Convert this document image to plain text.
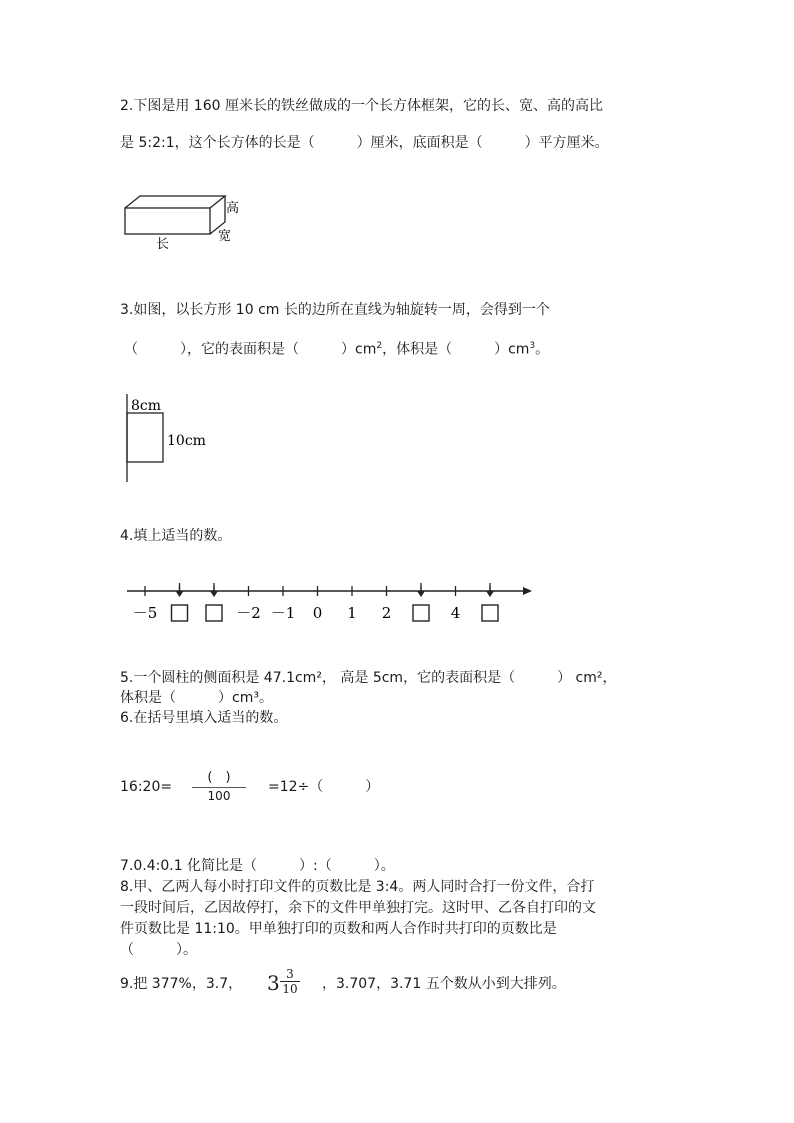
2.下图是用 160 厘米长的铁丝做成的一个长方体框架，它的长、宽、高的高比
是 5:2:1，这个长方体的长是（　　　）厘米，底面积是（　　　）平方厘米。
高
宽
长
3.如图，以长方形 10 cm 长的边所在直线为轴旋转一周，会得到一个
（　　　），它的表面积是（　　　）$cm^2$，体积是（　　　）$cm^3$。
8cm
10cm
4.填上适当的数。
－5	－2 －1 0 1 2	4
5.一个圆柱的侧面积是 47.1cm²， 高是 5cm，它的表面积是（　　　） cm²，
体积是（　　　）cm³。
6.在括号里填入适当的数。
16:20=
(　)
100
=12÷（　　　）
7.0.4:0.1 化简比是（　　　）:（　　　）。
8.甲、乙两人每小时打印文件的页数比是 3:4。两人同时合打一份文件，合打
一段时间后，乙因故停打，余下的文件甲单独打完。这时甲、乙各自打印的文
件页数比是 11:10。甲单独打印的页数和两人合作时共打印的页数比是
（　　　）。
9.把 377%，3.7， 3 3
10 ，3.707，3.71 五个数从小到大排列。
